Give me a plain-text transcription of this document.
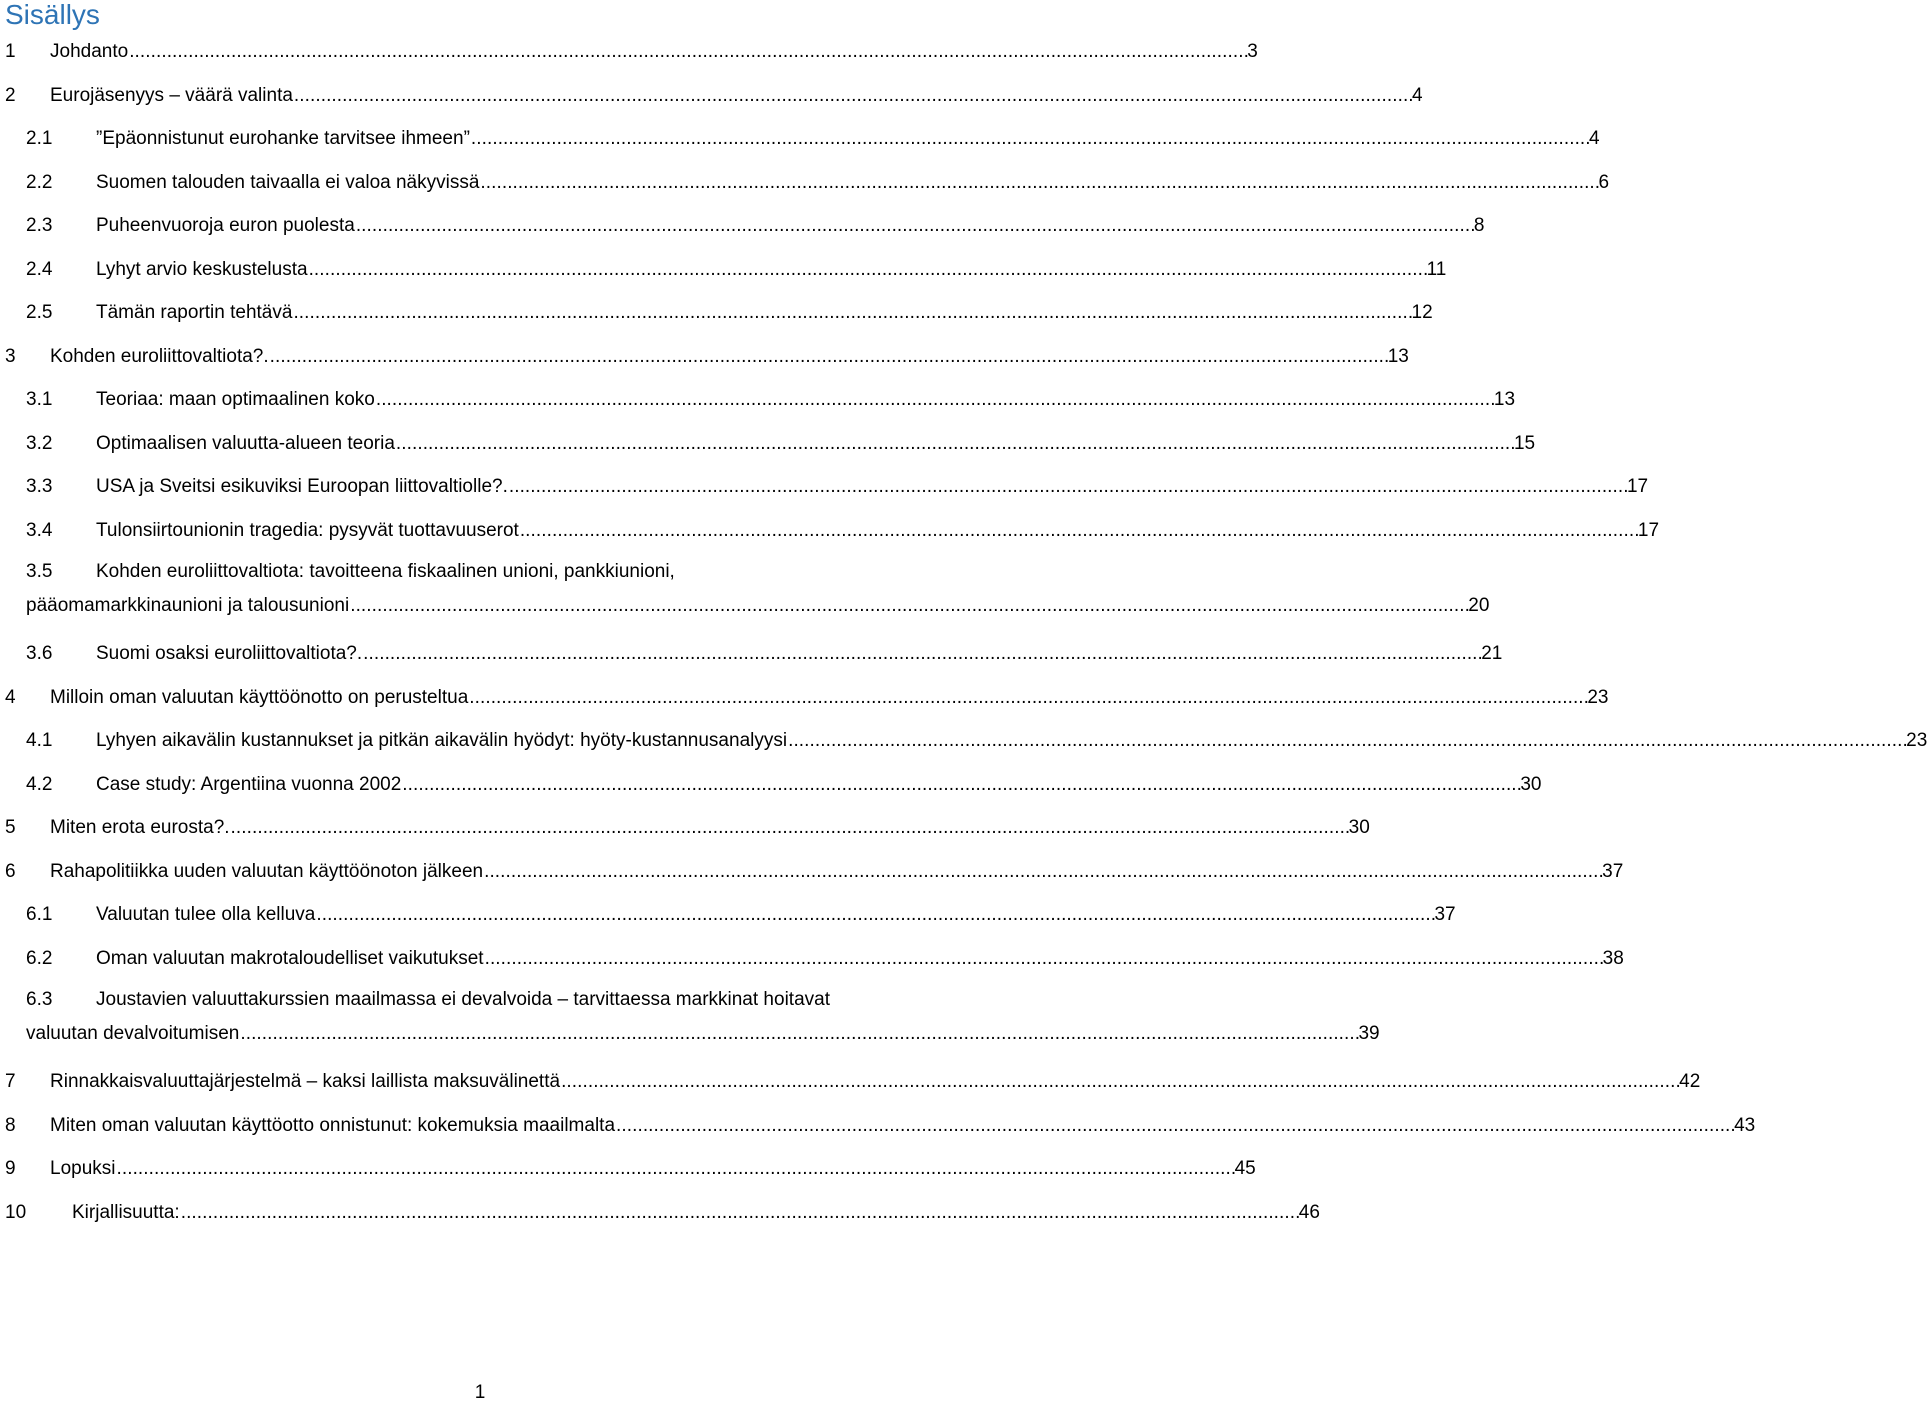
Sisällys
1	Johdanto . . .	3
2	Eurojäsenyys – väärä valinta . . .	4
2.1	”Epäonnistunut eurohanke tarvitsee ihmeen” . . .	4
2.2	Suomen talouden taivaalla ei valoa näkyvissä . . .	6
2.3	Puheenvuoroja euron puolesta . . .	8
2.4	Lyhyt arvio keskustelusta . . .	11
2.5	Tämän raportin tehtävä . . .	12
3	Kohden euroliittovaltiota?. . . .	13
3.1	Teoriaa: maan optimaalinen koko . . .	13
3.2	Optimaalisen valuutta-alueen teoria . . .	15
3.3	USA ja Sveitsi esikuviksi Euroopan liittovaltiolle?. . . .	17
3.4	Tulonsiirtounionin tragedia: pysyvät tuottavuuserot . . .	17
3.5	Kohden euroliittovaltiota: tavoitteena fiskaalinen unioni, pankkiunioni,
pääomamarkkinaunioni ja talousunioni . . .	20
3.6	Suomi osaksi euroliittovaltiota?. . . .	21
4	Milloin oman valuutan käyttöönotto on perusteltua . . .	23
4.1	Lyhyen aikavälin kustannukset ja pitkän aikavälin hyödyt: hyöty-kustannusanalyysi . . .	23
4.2	Case study: Argentiina vuonna 2002 . . .	30
5	Miten erota eurosta?. . . .	30
6	Rahapolitiikka uuden valuutan käyttöönoton jälkeen . . .	37
6.1	Valuutan tulee olla kelluva . . .	37
6.2	Oman valuutan makrotaloudelliset vaikutukset . . .	38
6.3	Joustavien valuuttakurssien maailmassa ei devalvoida – tarvittaessa markkinat hoitavat
valuutan devalvoitumisen . . .	39
7	Rinnakkaisvaluuttajärjestelmä – kaksi laillista maksuvälinettä . . .	42
8	Miten oman valuutan käyttöotto onnistunut: kokemuksia maailmalta . . .	43
9	Lopuksi . . .	45
10	Kirjallisuutta: . . .	46
1
